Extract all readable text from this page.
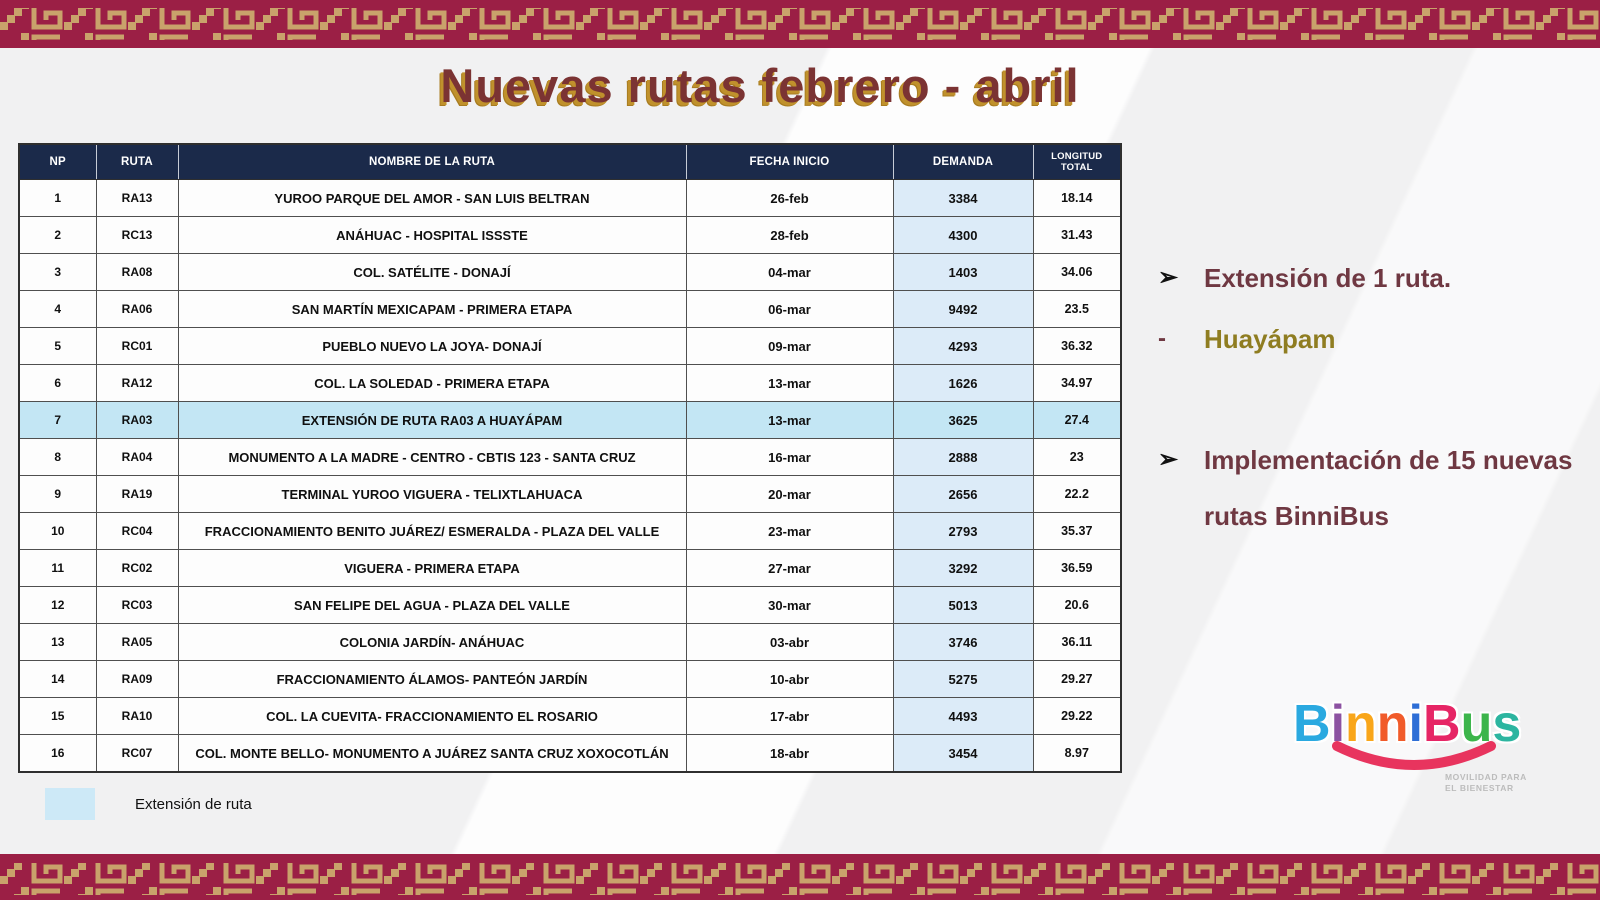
Nuevas rutas febrero - abril
NP	RUTA	NOMBRE DE LA RUTA	FECHA INICIO	DEMANDA	LONGITUD TOTAL
1	RA13	YUROO PARQUE DEL AMOR - SAN LUIS BELTRAN	26-feb	3384	18.14
2	RC13	ANÁHUAC - HOSPITAL ISSSTE	28-feb	4300	31.43
3	RA08	COL. SATÉLITE - DONAJÍ	04-mar	1403	34.06
4	RA06	SAN MARTÍN MEXICAPAM - PRIMERA ETAPA	06-mar	9492	23.5
5	RC01	PUEBLO NUEVO LA JOYA- DONAJÍ	09-mar	4293	36.32
6	RA12	COL. LA SOLEDAD - PRIMERA ETAPA	13-mar	1626	34.97
7	RA03	EXTENSIÓN DE RUTA RA03 A HUAYÁPAM	13-mar	3625	27.4
8	RA04	MONUMENTO A LA MADRE - CENTRO - CBTIS 123 - SANTA CRUZ	16-mar	2888	23
9	RA19	TERMINAL YUROO VIGUERA - TELIXTLAHUACA	20-mar	2656	22.2
10	RC04	FRACCIONAMIENTO BENITO JUÁREZ/ ESMERALDA - PLAZA DEL VALLE	23-mar	2793	35.37
11	RC02	VIGUERA - PRIMERA ETAPA	27-mar	3292	36.59
12	RC03	SAN FELIPE DEL AGUA - PLAZA DEL VALLE	30-mar	5013	20.6
13	RA05	COLONIA JARDÍN- ANÁHUAC	03-abr	3746	36.11
14	RA09	FRACCIONAMIENTO ÁLAMOS- PANTEÓN JARDÍN	10-abr	5275	29.27
15	RA10	COL. LA CUEVITA- FRACCIONAMIENTO EL ROSARIO	17-abr	4493	29.22
16	RC07	COL. MONTE BELLO- MONUMENTO A JUÁREZ SANTA CRUZ XOXOCOTLÁN	18-abr	3454	8.97
Extensión de ruta
➢ Extensión de 1 ruta.
-	Huayápam
➢ Implementación de 15 nuevas rutas BinniBus
BinniBus
MOVILIDAD PARA
EL BIENESTAR
